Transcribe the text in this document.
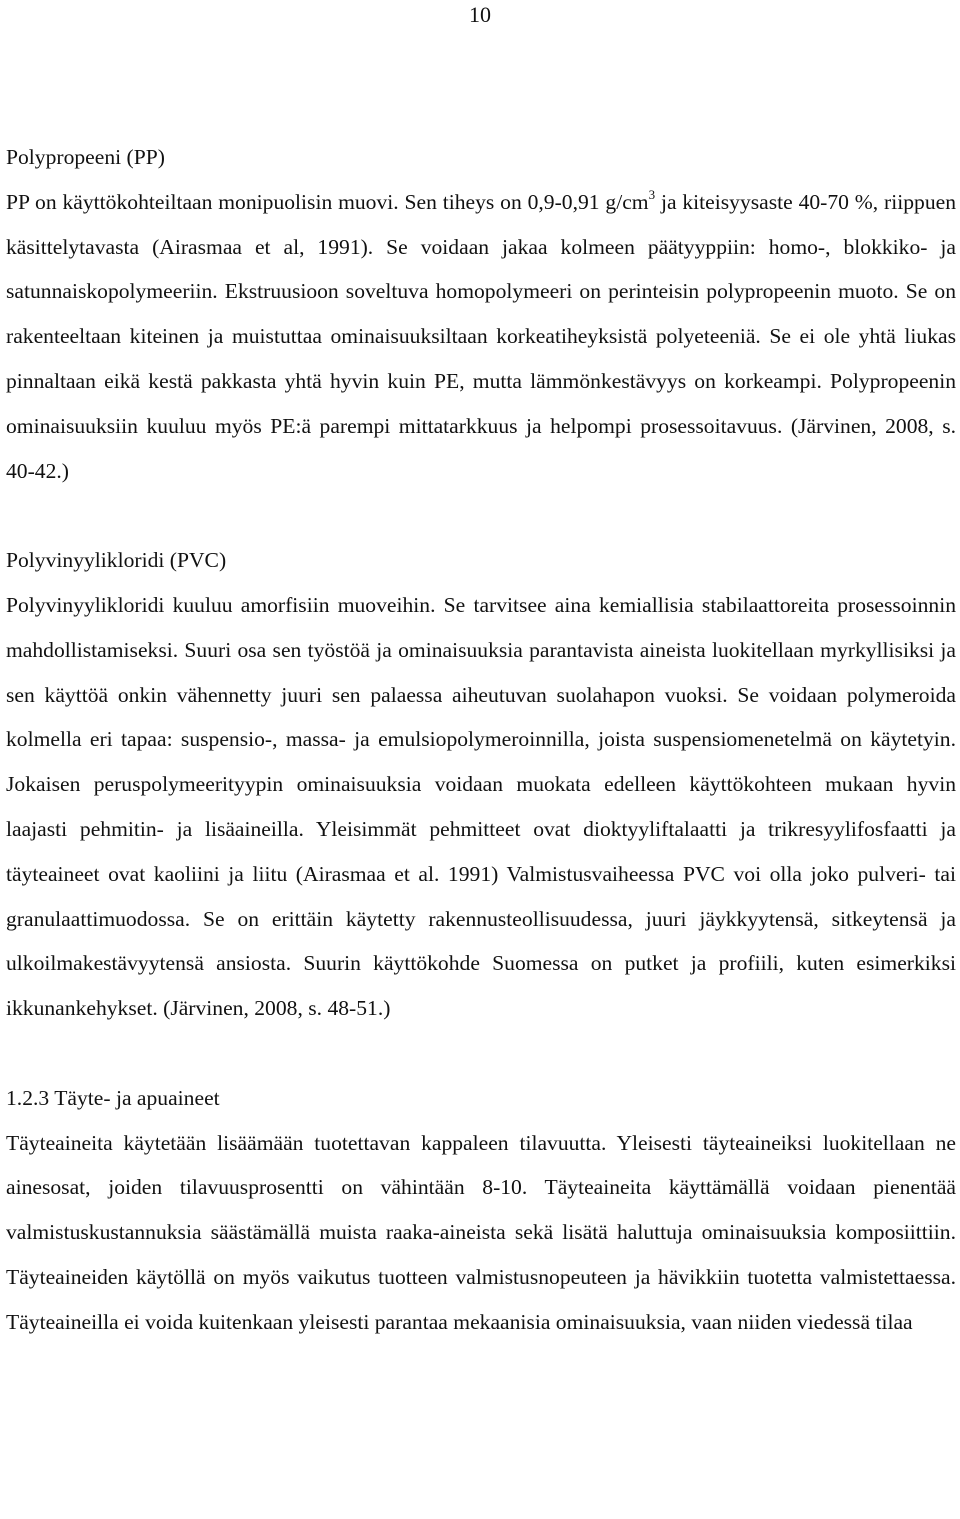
10

Polypropeeni (PP)

PP on käyttökohteiltaan monipuolisin muovi. Sen tiheys on 0,9-0,91 $g/cm^3$ ja kiteisyysaste 40-70 %, riippuen käsittelytavasta (Airasmaa et al, 1991). Se voidaan jakaa kolmeen päätyyppiin: homo-, blokkiko- ja satunnaiskopolymeeriin. Ekstruusioon soveltuva homopolymeeri on perinteisin polypropeenin muoto. Se on rakenteeltaan kiteinen ja muistuttaa ominaisuuksiltaan korkeatiheyksistä polyeteeniä. Se ei ole yhtä liukas pinnaltaan eikä kestä pakkasta yhtä hyvin kuin PE, mutta lämmönkestävyys on korkeampi. Polypropeenin ominaisuuksiin kuuluu myös PE:ä parempi mittatarkkuus ja helpompi prosessoitavuus. (Järvinen, 2008, s. 40-42.)

Polyvinyylikloridi (PVC)

Polyvinyylikloridi kuuluu amorfisiin muoveihin. Se tarvitsee aina kemiallisia stabilaattoreita prosessoinnin mahdollistamiseksi. Suuri osa sen työstöä ja ominaisuuksia parantavista aineista luokitellaan myrkyllisiksi ja sen käyttöä onkin vähennetty juuri sen palaessa aiheutuvan suolahapon vuoksi. Se voidaan polymeroida kolmella eri tapaa: suspensio-, massa- ja emulsiopolymeroinnilla, joista suspensiomenetelmä on käytetyin. Jokaisen peruspolymeerityypin ominaisuuksia voidaan muokata edelleen käyttökohteen mukaan hyvin laajasti pehmitin- ja lisäaineilla. Yleisimmät pehmitteet ovat dioktyyliftalaatti ja trikresyylifosfaatti ja täyteaineet ovat kaoliini ja liitu (Airasmaa et al. 1991) Valmistusvaiheessa PVC voi olla joko pulveri- tai granulaattimuodossa. Se on erittäin käytetty rakennusteollisuudessa, juuri jäykkyytensä, sitkeytensä ja ulkoilmakestävyytensä ansiosta. Suurin käyttökohde Suomessa on putket ja profiili, kuten esimerkiksi ikkunankehykset. (Järvinen, 2008, s. 48-51.)

1.2.3 Täyte- ja apuaineet

Täyteaineita käytetään lisäämään tuotettavan kappaleen tilavuutta. Yleisesti täyteaineiksi luokitellaan ne ainesosat, joiden tilavuusprosentti on vähintään 8-10. Täyteaineita käyttämällä voidaan pienentää valmistuskustannuksia säästämällä muista raaka-aineista sekä lisätä haluttuja ominaisuuksia komposiittiin. Täyteaineiden käytöllä on myös vaikutus tuotteen valmistusnopeuteen ja hävikkiin tuotetta valmistettaessa. Täyteaineilla ei voida kuitenkaan yleisesti parantaa mekaanisia ominaisuuksia, vaan niiden viedessä tilaa
